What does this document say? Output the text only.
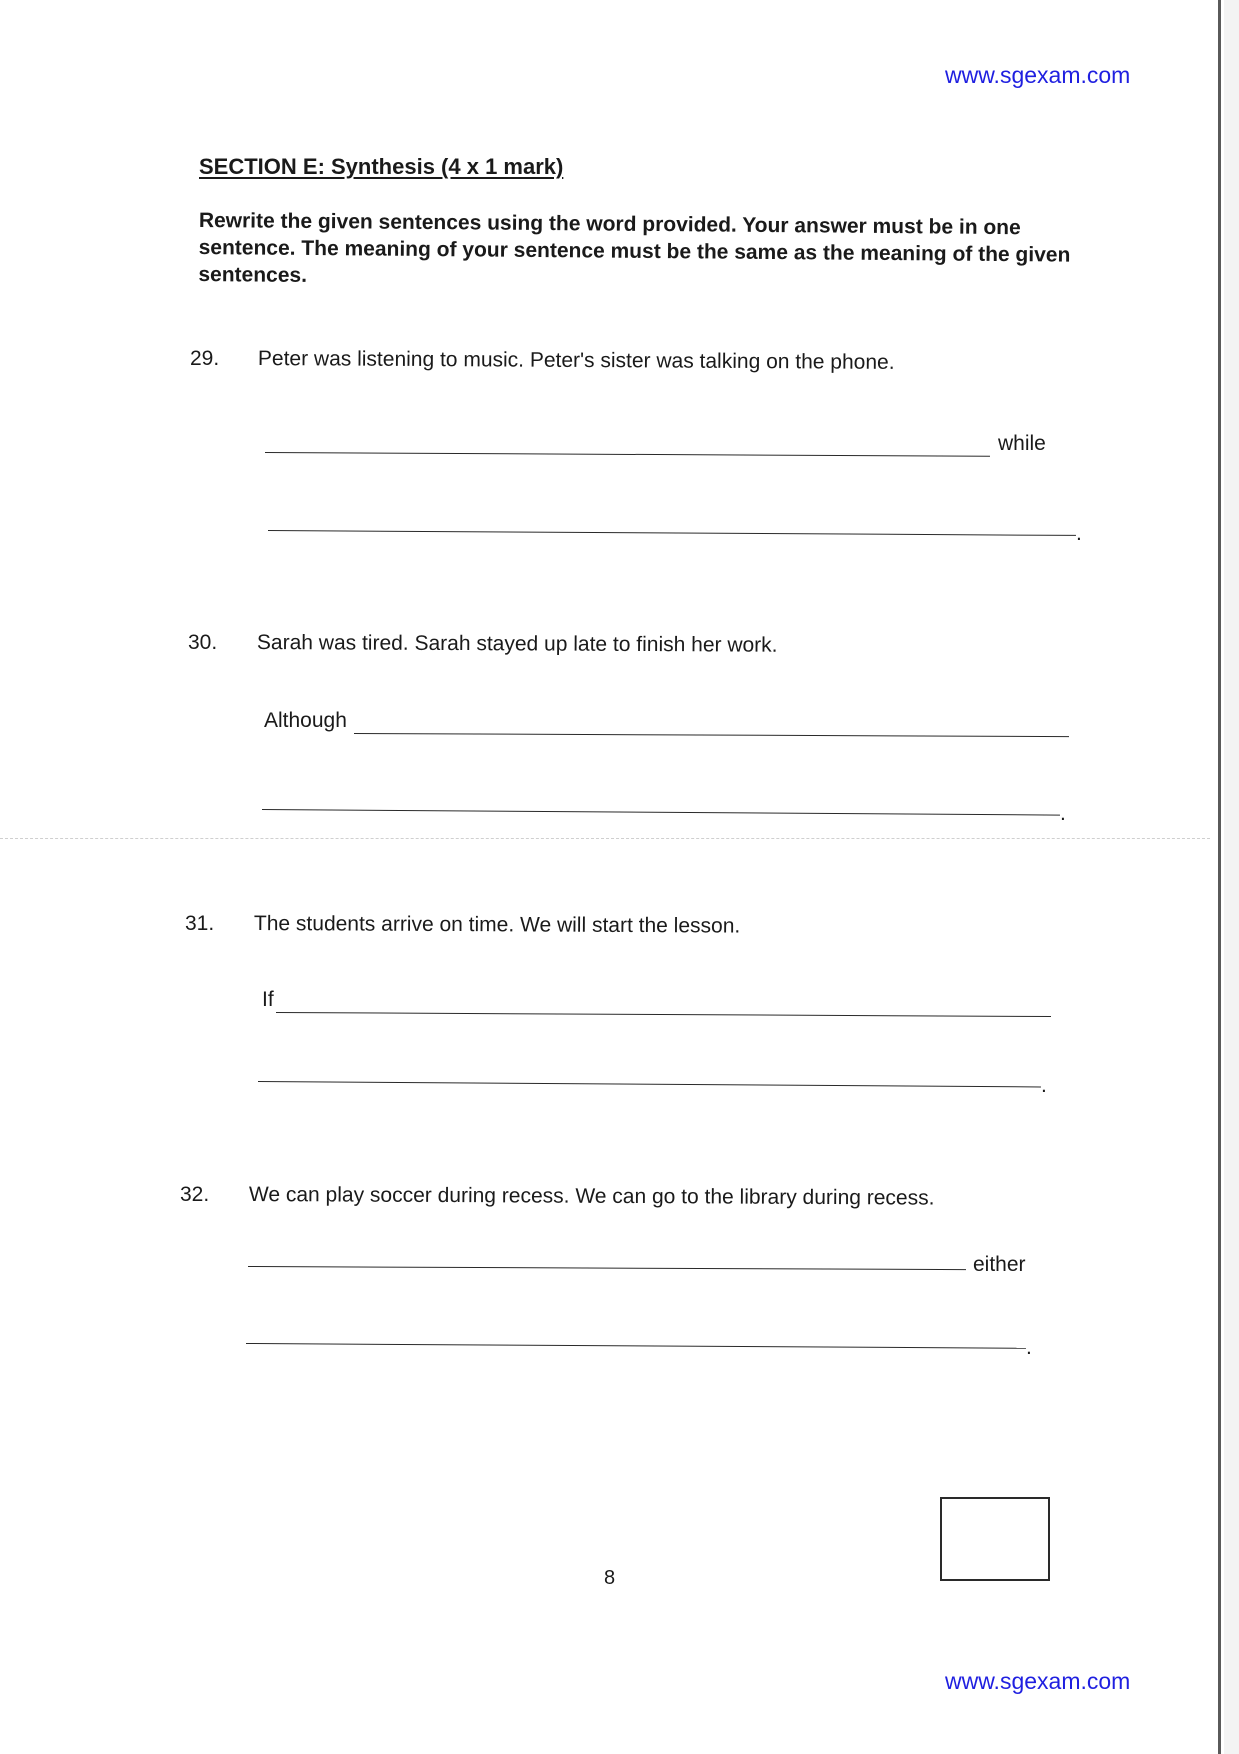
www.sgexam.com
SECTION E: Synthesis (4 x 1 mark)
Rewrite the given sentences using the word provided. Your answer must be in one sentence. The meaning of your sentence must be the same as the meaning of the given sentences.
29. Peter was listening to music. Peter's sister was talking on the phone.
while
.
30. Sarah was tired. Sarah stayed up late to finish her work.
Although
.
31. The students arrive on time. We will start the lesson.
If
.
32. We can play soccer during recess. We can go to the library during recess.
either
.
8
www.sgexam.com
